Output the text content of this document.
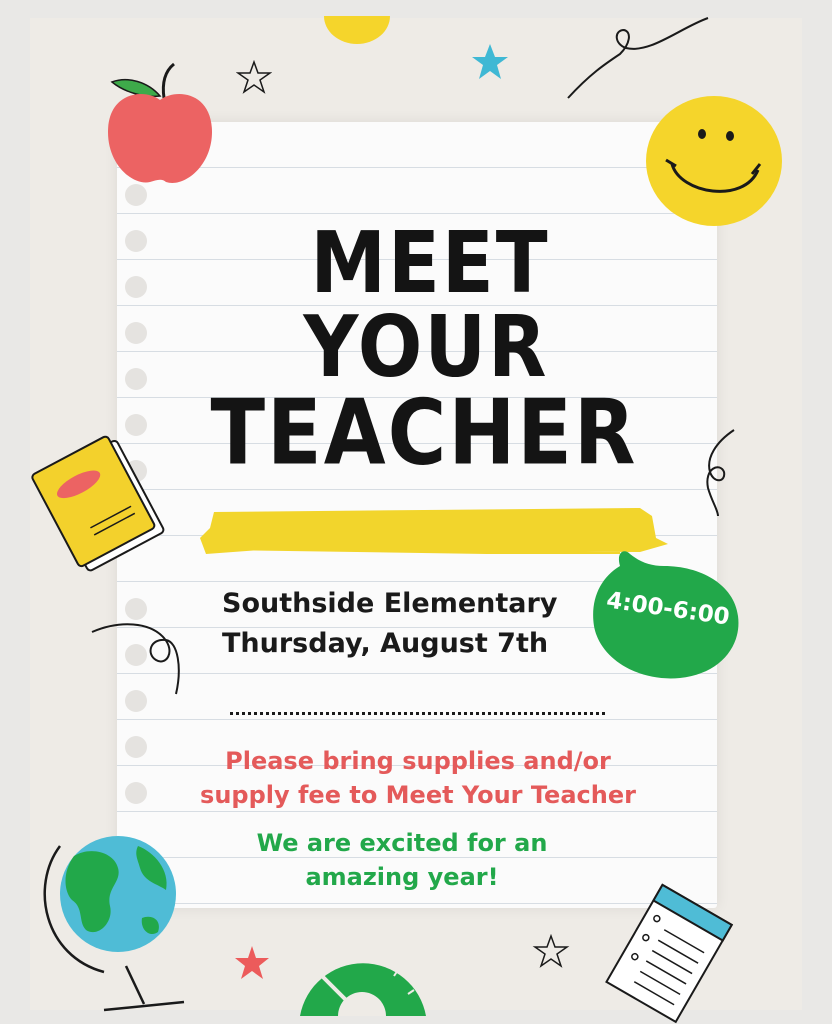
MEET
YOUR
TEACHER
Southside Elementary
Thursday, August 7th
4:00-6:00
Please bring supplies and/or
supply fee to Meet Your Teacher
We are excited for an
amazing year!
